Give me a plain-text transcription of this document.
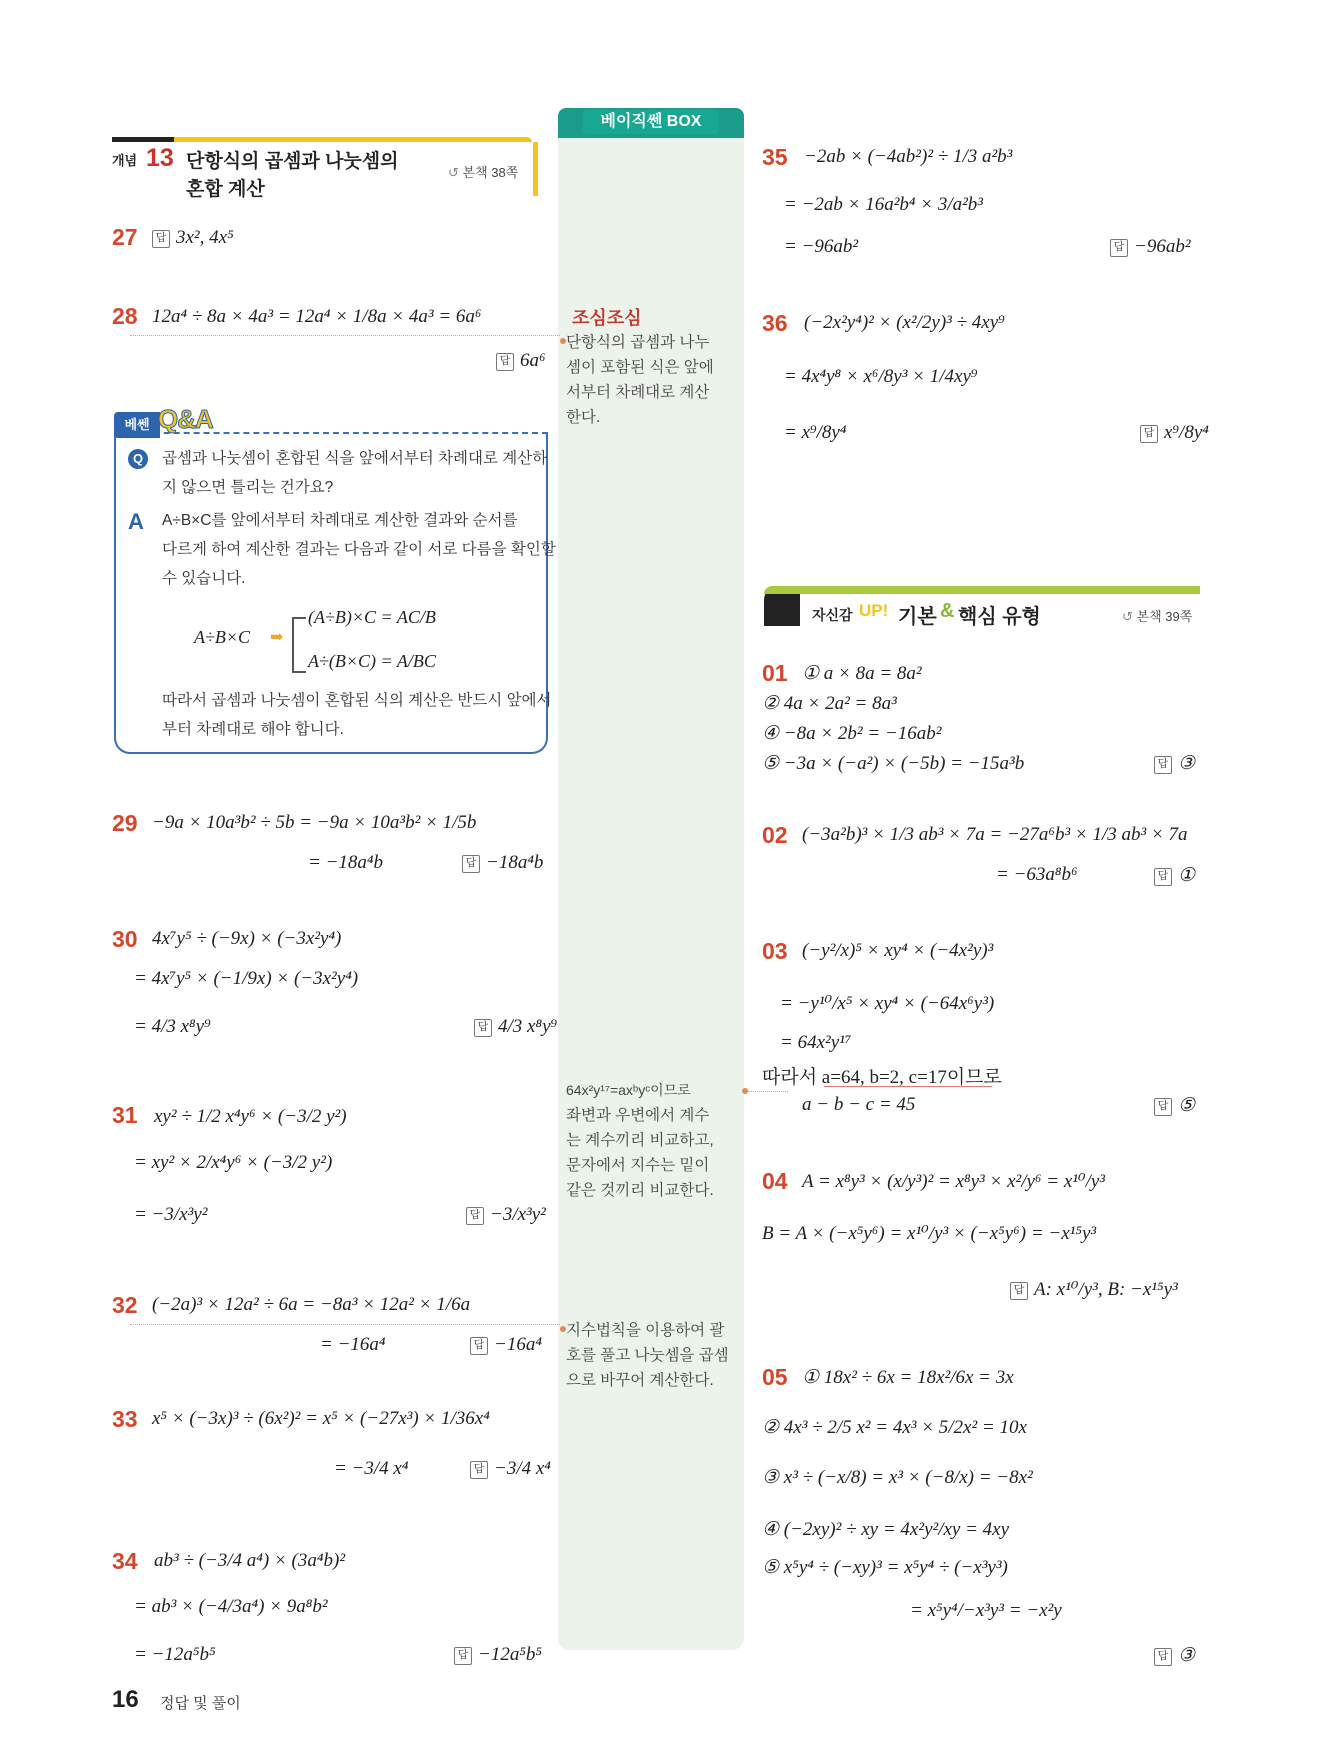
베이직쎈 BOX
개념 13 단항식의 곱셈과 나눗셈의
혼합 계산
↺ 본책 38쪽
27	답 3x², 4x⁵
28 12a⁴ ÷ 8a × 4a³ = 12a⁴ × 1/8a × 4a³ = 6a⁶
답 6a⁶
베쎈 Q&A
Q	곱셈과 나눗셈이 혼합된 식을 앞에서부터 차례대로 계산하
지 않으면 틀리는 건가요?
A A÷B×C를 앞에서부터 차례대로 계산한 결과와 순서를
다르게 하여 계산한 결과는 다음과 같이 서로 다름을 확인할
수 있습니다.
A÷B×C ➡
(A÷B)×C = AC/B
A÷(B×C) = A/BC
따라서 곱셈과 나눗셈이 혼합된 식의 계산은 반드시 앞에서
부터 차례대로 해야 합니다.
29 −9a × 10a³b² ÷ 5b = −9a × 10a³b² × 1/5b
= −18a⁴b	답 −18a⁴b
30 4x⁷y⁵ ÷ (−9x) × (−3x²y⁴)
= 4x⁷y⁵ × (−1/9x) × (−3x²y⁴)
= 4/3 x⁸y⁹	답 4/3 x⁸y⁹
31 xy² ÷ 1/2 x⁴y⁶ × (−3/2 y²)
= xy² × 2/x⁴y⁶ × (−3/2 y²)
= −3/x³y²	답 −3/x³y²
32 (−2a)³ × 12a² ÷ 6a = −8a³ × 12a² × 1/6a
= −16a⁴	답 −16a⁴
33 x⁵ × (−3x)³ ÷ (6x²)² = x⁵ × (−27x³) × 1/36x⁴
= −3/4 x⁴	답 −3/4 x⁴
34 ab³ ÷ (−3/4 a⁴) × (3a⁴b)²
= ab³ × (−4/3a⁴) × 9a⁸b²
= −12a⁵b⁵	답 −12a⁵b⁵
조심조심
단항식의 곱셈과 나누
셈이 포함된 식은 앞에
서부터 차례대로 계산
한다.
64x²y¹⁷=axᵇyᶜ이므로
좌변과 우변에서 계수
는 계수끼리 비교하고,
문자에서 지수는 밑이
같은 것끼리 비교한다.
지수법칙을 이용하여 괄
호를 풀고 나눗셈을 곱셈
으로 바꾸어 계산한다.
35 −2ab × (−4ab²)² ÷ 1/3 a²b³
= −2ab × 16a²b⁴ × 3/a²b³
= −96ab²	답 −96ab²
36 (−2x²y⁴)² × (x²/2y)³ ÷ 4xy⁹
= 4x⁴y⁸ × x⁶/8y³ × 1/4xy⁹
= x⁹/8y⁴	답 x⁹/8y⁴
자신감 UP! 기본 & 핵심 유형	↺ 본책 39쪽
01 ① a × 8a = 8a²
② 4a × 2a² = 8a³
④ −8a × 2b² = −16ab²
⑤ −3a × (−a²) × (−5b) = −15a³b	답 ③
02 (−3a²b)³ × 1/3 ab³ × 7a = −27a⁶b³ × 1/3 ab³ × 7a
= −63a⁸b⁶	답 ①
03 (−y²/x)⁵ × xy⁴ × (−4x²y)³
= −y¹⁰/x⁵ × xy⁴ × (−64x⁶y³)
= 64x²y¹⁷
따라서 a=64, b=2, c=17이므로
a − b − c = 45	답 ⑤
04 A = x⁸y³ × (x/y³)² = x⁸y³ × x²/y⁶ = x¹⁰/y³
B = A × (−x⁵y⁶) = x¹⁰/y³ × (−x⁵y⁶) = −x¹⁵y³
답 A: x¹⁰/y³, B: −x¹⁵y³
05 ① 18x² ÷ 6x = 18x²/6x = 3x
② 4x³ ÷ 2/5 x² = 4x³ × 5/2x² = 10x
③ x³ ÷ (−x/8) = x³ × (−8/x) = −8x²
④ (−2xy)² ÷ xy = 4x²y²/xy = 4xy
⑤ x⁵y⁴ ÷ (−xy)³ = x⁵y⁴ ÷ (−x³y³)
= x⁵y⁴/−x³y³ = −x²y
답 ③
16 정답 및 풀이
